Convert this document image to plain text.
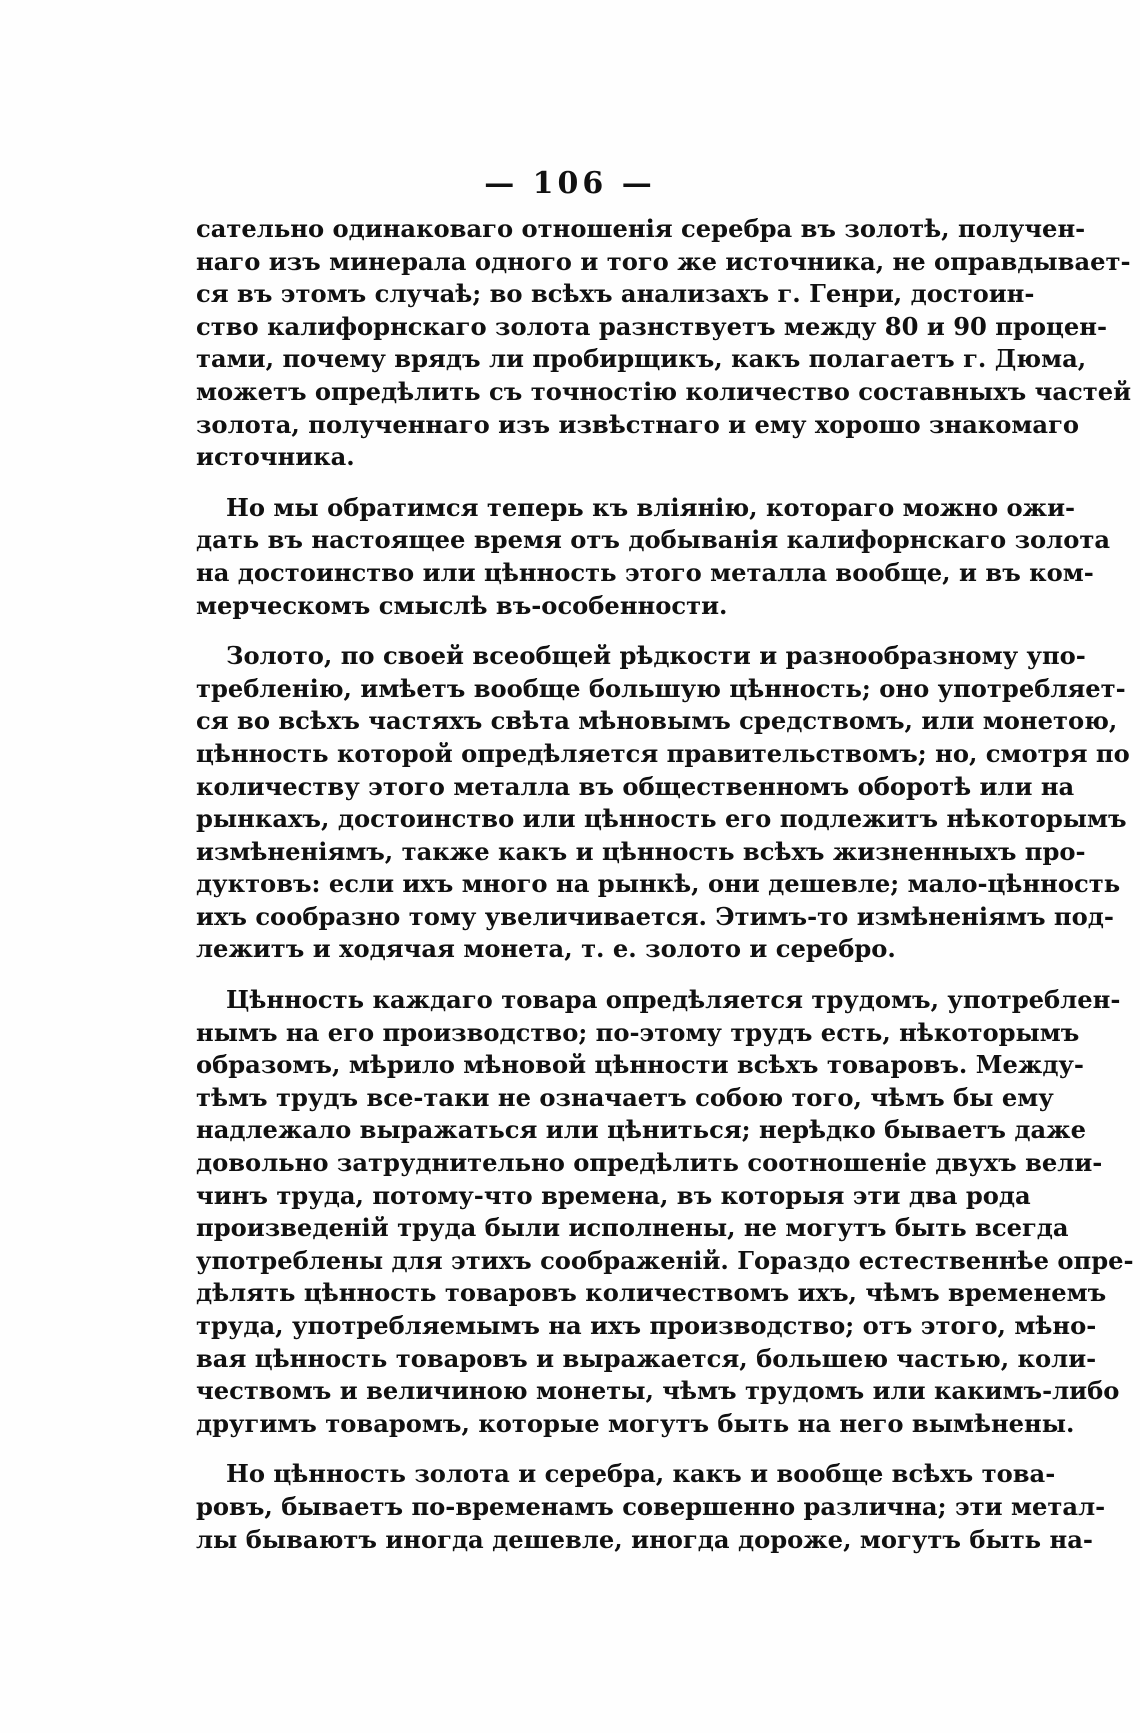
— 106 —
сательно одинаковаго отношенія серебра въ золотѣ, получен-
наго изъ минерала одного и того же источника, не оправдывает-
ся въ этомъ случаѣ; во всѣхъ анализахъ г. Генри, достоин-
ство калифорнскаго золота разнствуетъ между 80 и 90 процен-
тами, почему врядъ ли пробирщикъ, какъ полагаетъ г. Дюма,
можетъ опредѣлить съ точностію количество составныхъ частей
золота, полученнаго изъ извѣстнаго и ему хорошо знакомаго
источника.
Но мы обратимся теперь къ вліянію, котораго можно ожи-
дать въ настоящее время отъ добыванія калифорнскаго золота
на достоинство или цѣнность этого металла вообще, и въ ком-
мерческомъ смыслѣ въ-особенности.
Золото, по своей всеобщей рѣдкости и разнообразному упо-
требленію, имѣетъ вообще большую цѣнность; оно употребляет-
ся во всѣхъ частяхъ свѣта мѣновымъ средствомъ, или монетою,
цѣнность которой опредѣляется правительствомъ; но, смотря по
количеству этого металла въ общественномъ оборотѣ или на
рынкахъ, достоинство или цѣнность его подлежитъ нѣкоторымъ
измѣненіямъ, также какъ и цѣнность всѣхъ жизненныхъ про-
дуктовъ: если ихъ много на рынкѣ, они дешевле; мало-цѣнность
ихъ сообразно тому увеличивается. Этимъ-то измѣненіямъ под-
лежитъ и ходячая монета, т. е. золото и серебро.
Цѣнность каждаго товара опредѣляется трудомъ, употреблен-
нымъ на его производство; по-этому трудъ есть, нѣкоторымъ
образомъ, мѣрило мѣновой цѣнности всѣхъ товаровъ. Между-
тѣмъ трудъ все-таки не означаетъ собою того, чѣмъ бы ему
надлежало выражаться или цѣниться; нерѣдко бываетъ даже
довольно затруднительно опредѣлить соотношеніе двухъ вели-
чинъ труда, потому-что времена, въ которыя эти два рода
произведеній труда были исполнены, не могутъ быть всегда
употреблены для этихъ соображеній. Гораздо естественнѣе опре-
дѣлять цѣнность товаровъ количествомъ ихъ, чѣмъ временемъ
труда, употребляемымъ на ихъ производство; отъ этого, мѣно-
вая цѣнность товаровъ и выражается, большею частью, коли-
чествомъ и величиною монеты, чѣмъ трудомъ или какимъ-либо
другимъ товаромъ, которые могутъ быть на него вымѣнены.
Но цѣнность золота и серебра, какъ и вообще всѣхъ това-
ровъ, бываетъ по-временамъ совершенно различна; эти метал-
лы бываютъ иногда дешевле, иногда дороже, могутъ быть на-
